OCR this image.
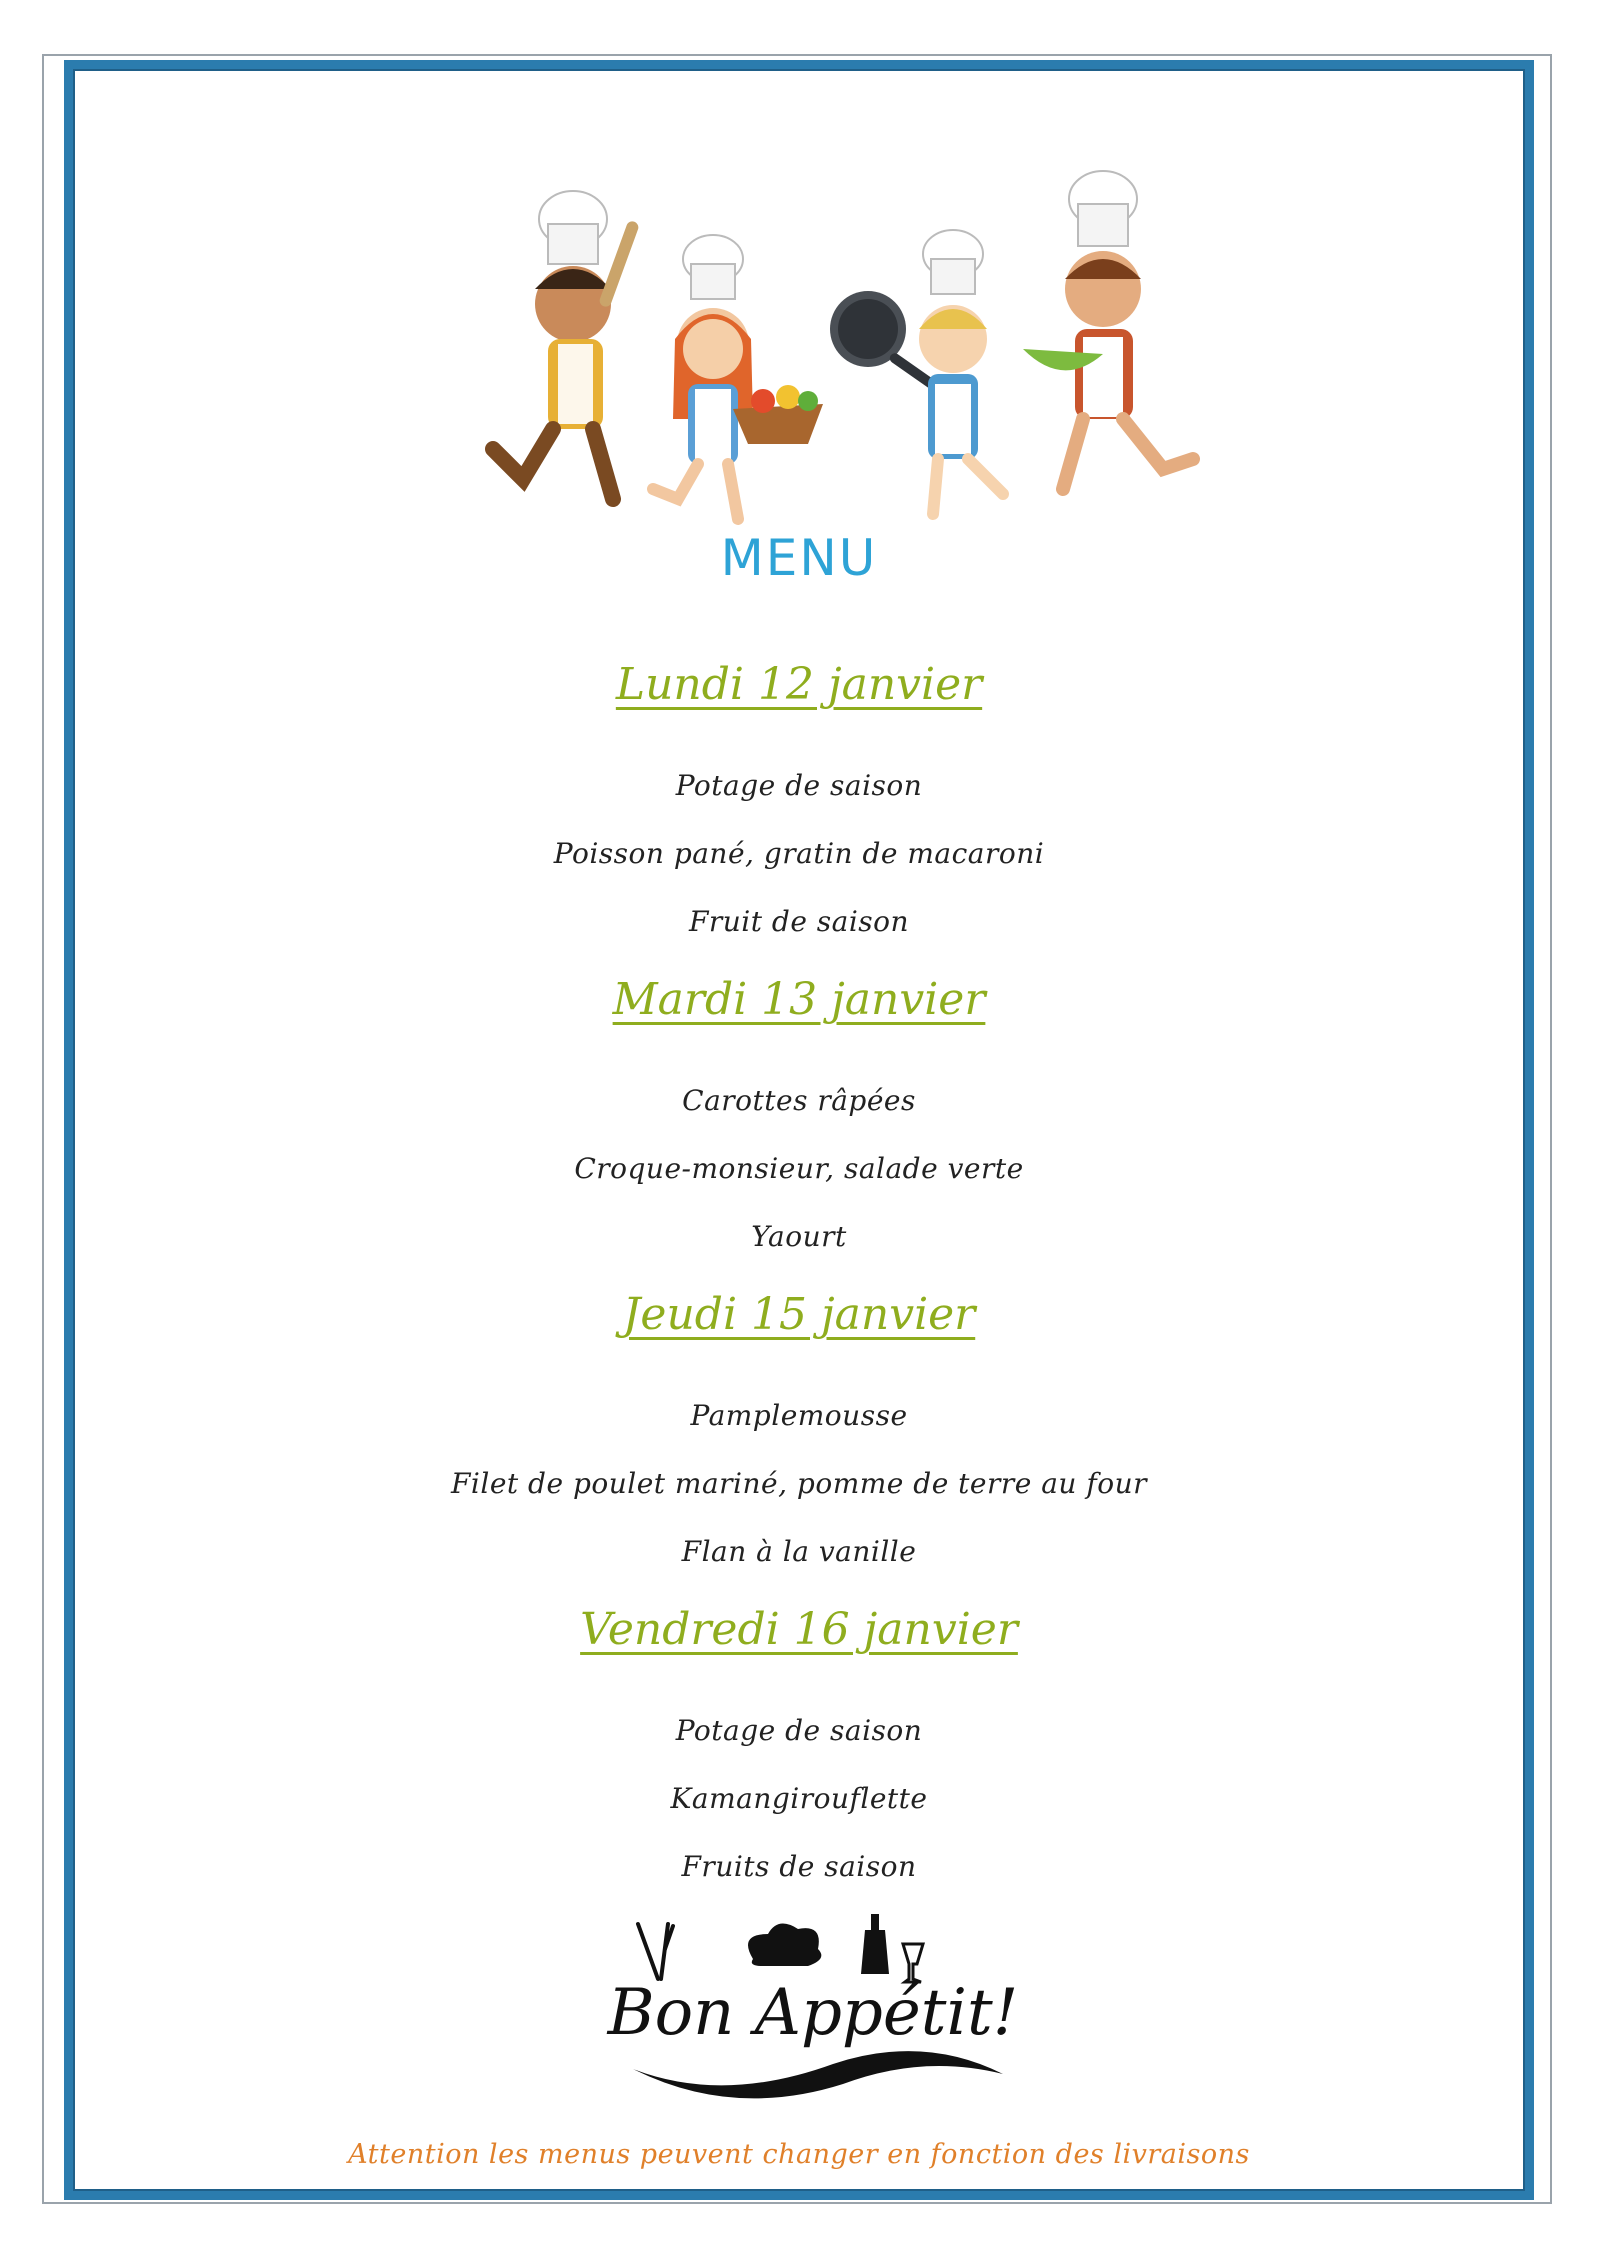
MENU
Lundi 12 janvier
Potage de saison
Poisson pané, gratin de macaroni
Fruit de saison
Mardi 13 janvier
Carottes râpées
Croque-monsieur, salade verte
Yaourt
Jeudi 15 janvier
Pamplemousse
Filet de poulet mariné, pomme de terre au four
Flan à la vanille
Vendredi 16 janvier
Potage de saison
Kamangirouflette
Fruits de saison
Bon Appétit!
Attention les menus peuvent changer en fonction des livraisons
